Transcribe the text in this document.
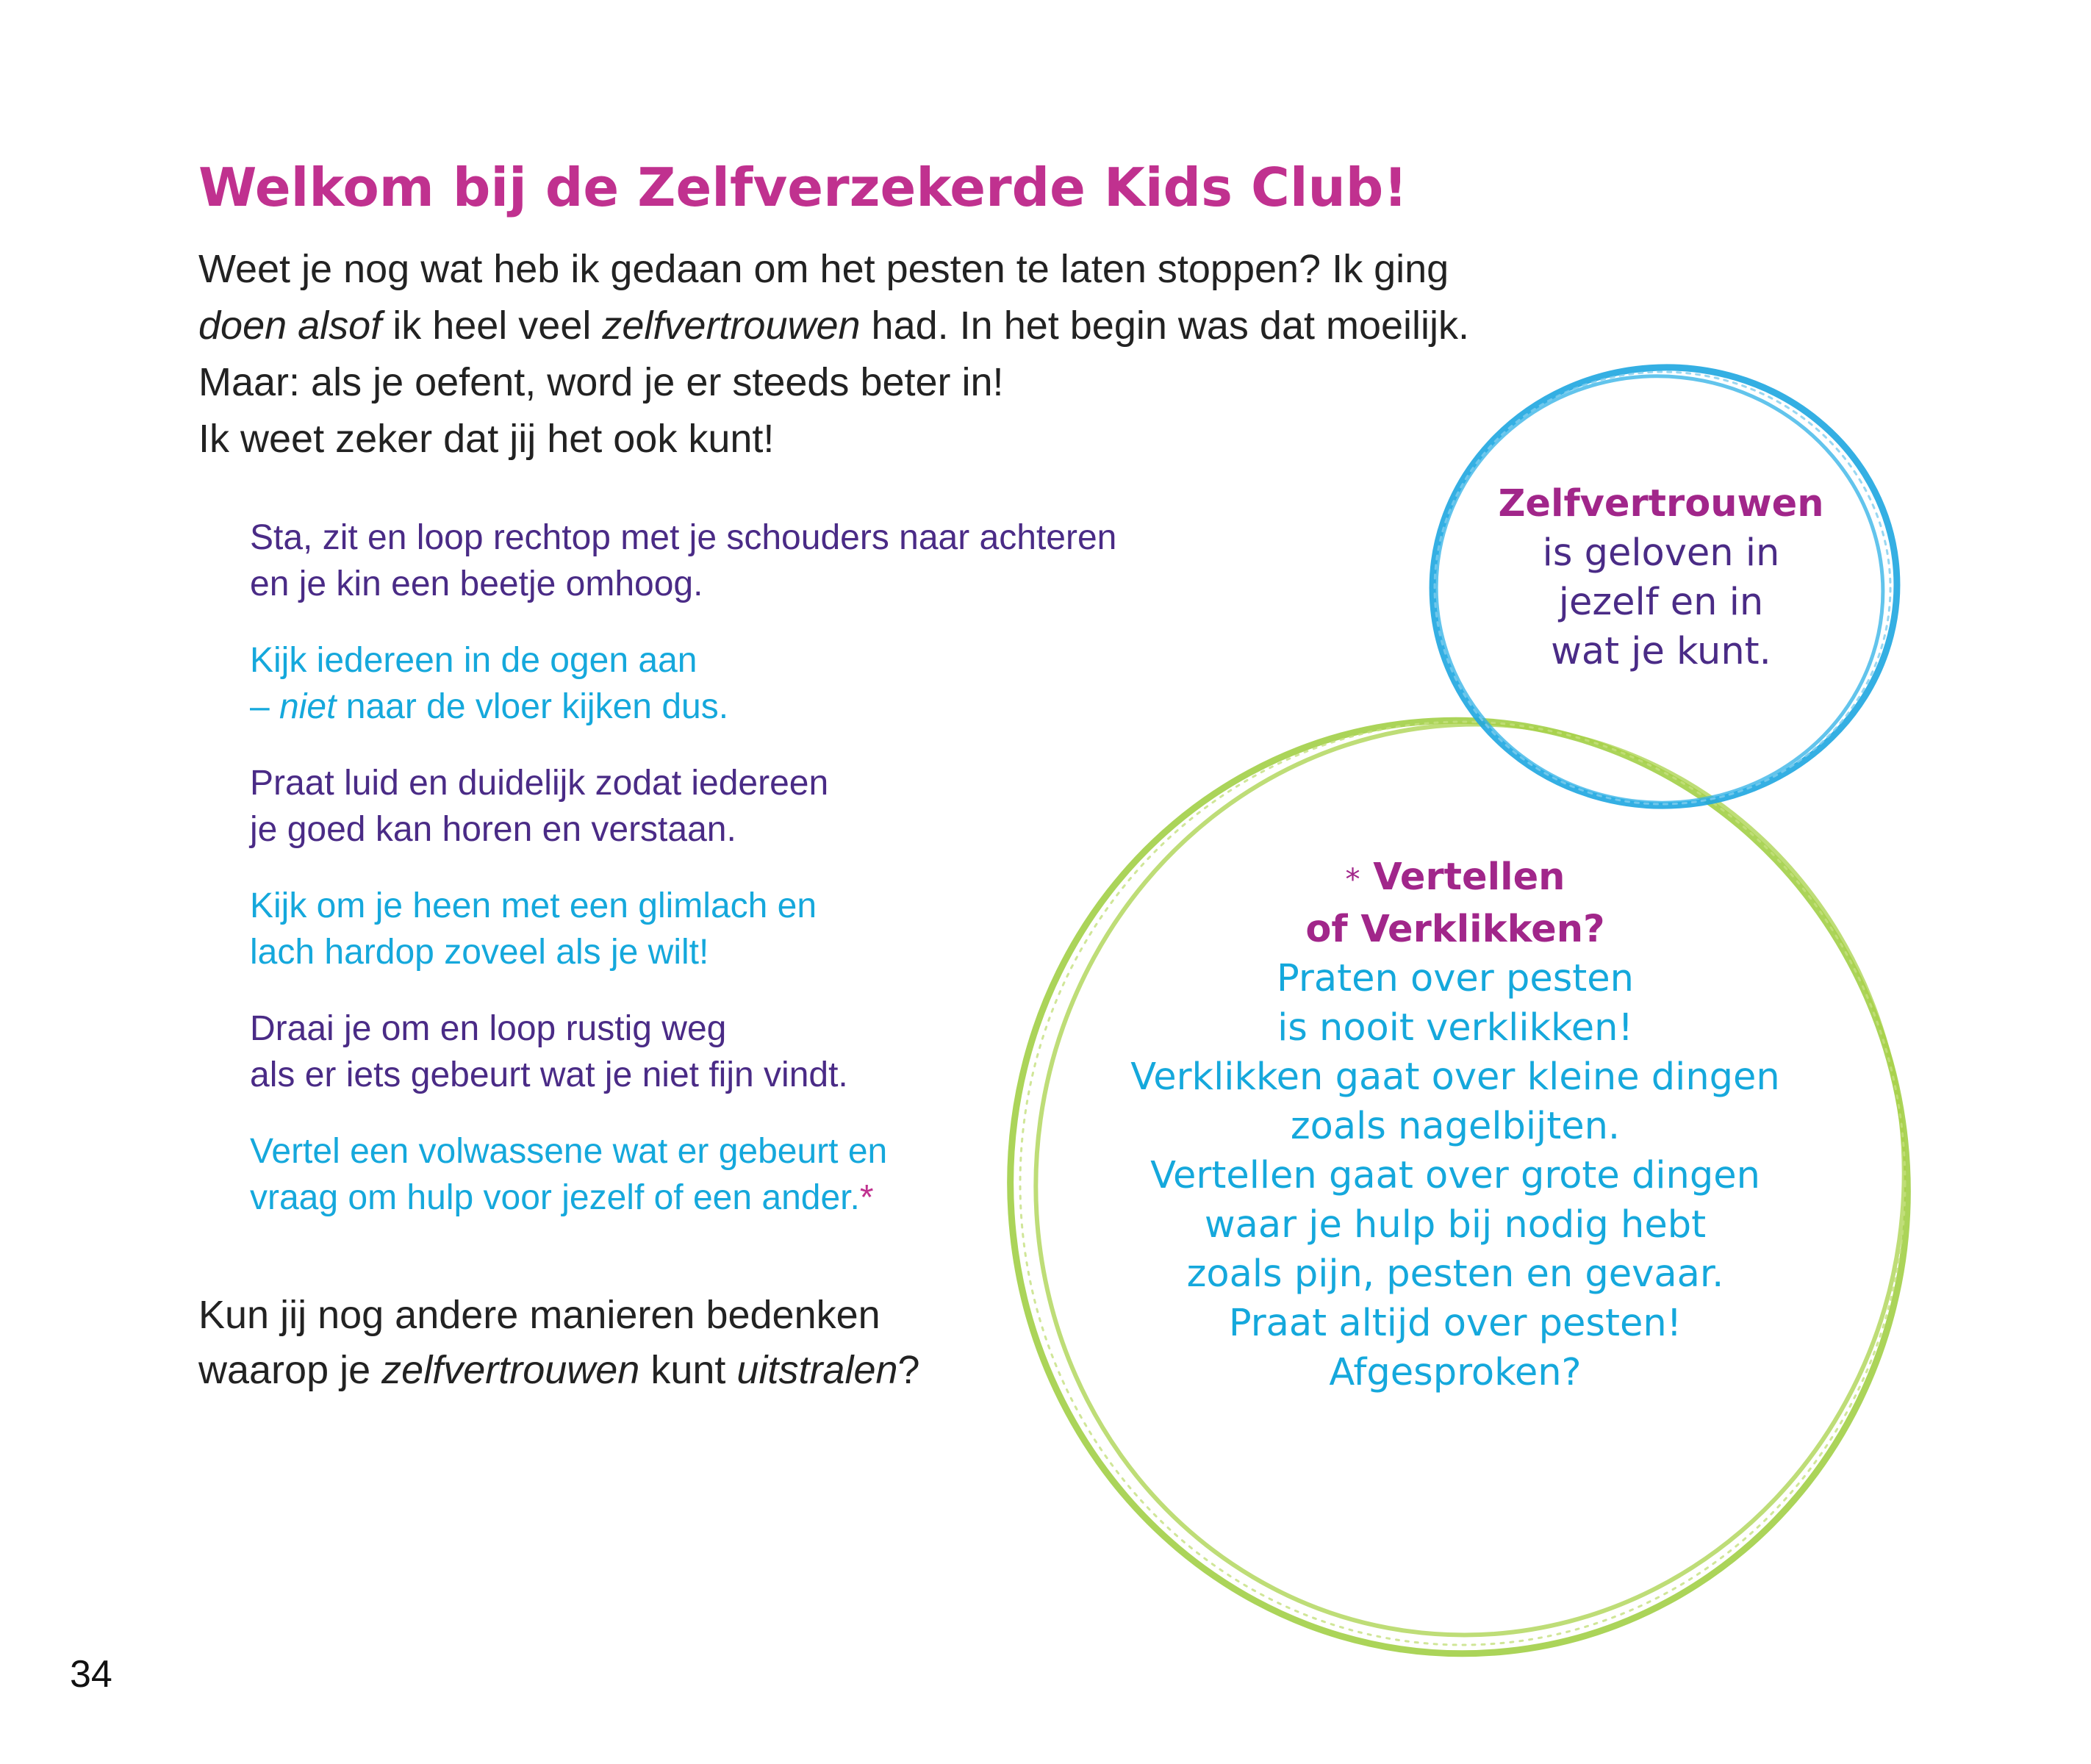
Welkom bij de Zelfverzekerde Kids Club!

Weet je nog wat heb ik gedaan om het pesten te laten stoppen? Ik ging
doen alsof ik heel veel zelfvertrouwen had. In het begin was dat moeilijk.
Maar: als je oefent, word je er steeds beter in!
Ik weet zeker dat jij het ook kunt!

Sta, zit en loop rechtop met je schouders naar achteren
en je kin een beetje omhoog.
Kijk iedereen in de ogen aan
– niet naar de vloer kijken dus.
Praat luid en duidelijk zodat iedereen
je goed kan horen en verstaan.
Kijk om je heen met een glimlach en
lach hardop zoveel als je wilt!
Draai je om en loop rustig weg
als er iets gebeurt wat je niet fijn vindt.
Vertel een volwassene wat er gebeurt en
vraag om hulp voor jezelf of een ander.*

Kun jij nog andere manieren bedenken
waarop je zelfvertrouwen kunt uitstralen?

Zelfvertrouwen
is geloven in
jezelf en in
wat je kunt.
* Vertellen
of Verklikken?
Praten over pesten
is nooit verklikken!
Verklikken gaat over kleine dingen
zoals nagelbijten.
Vertellen gaat over grote dingen
waar je hulp bij nodig hebt
zoals pijn, pesten en gevaar.
Praat altijd over pesten!
Afgesproken?

34
